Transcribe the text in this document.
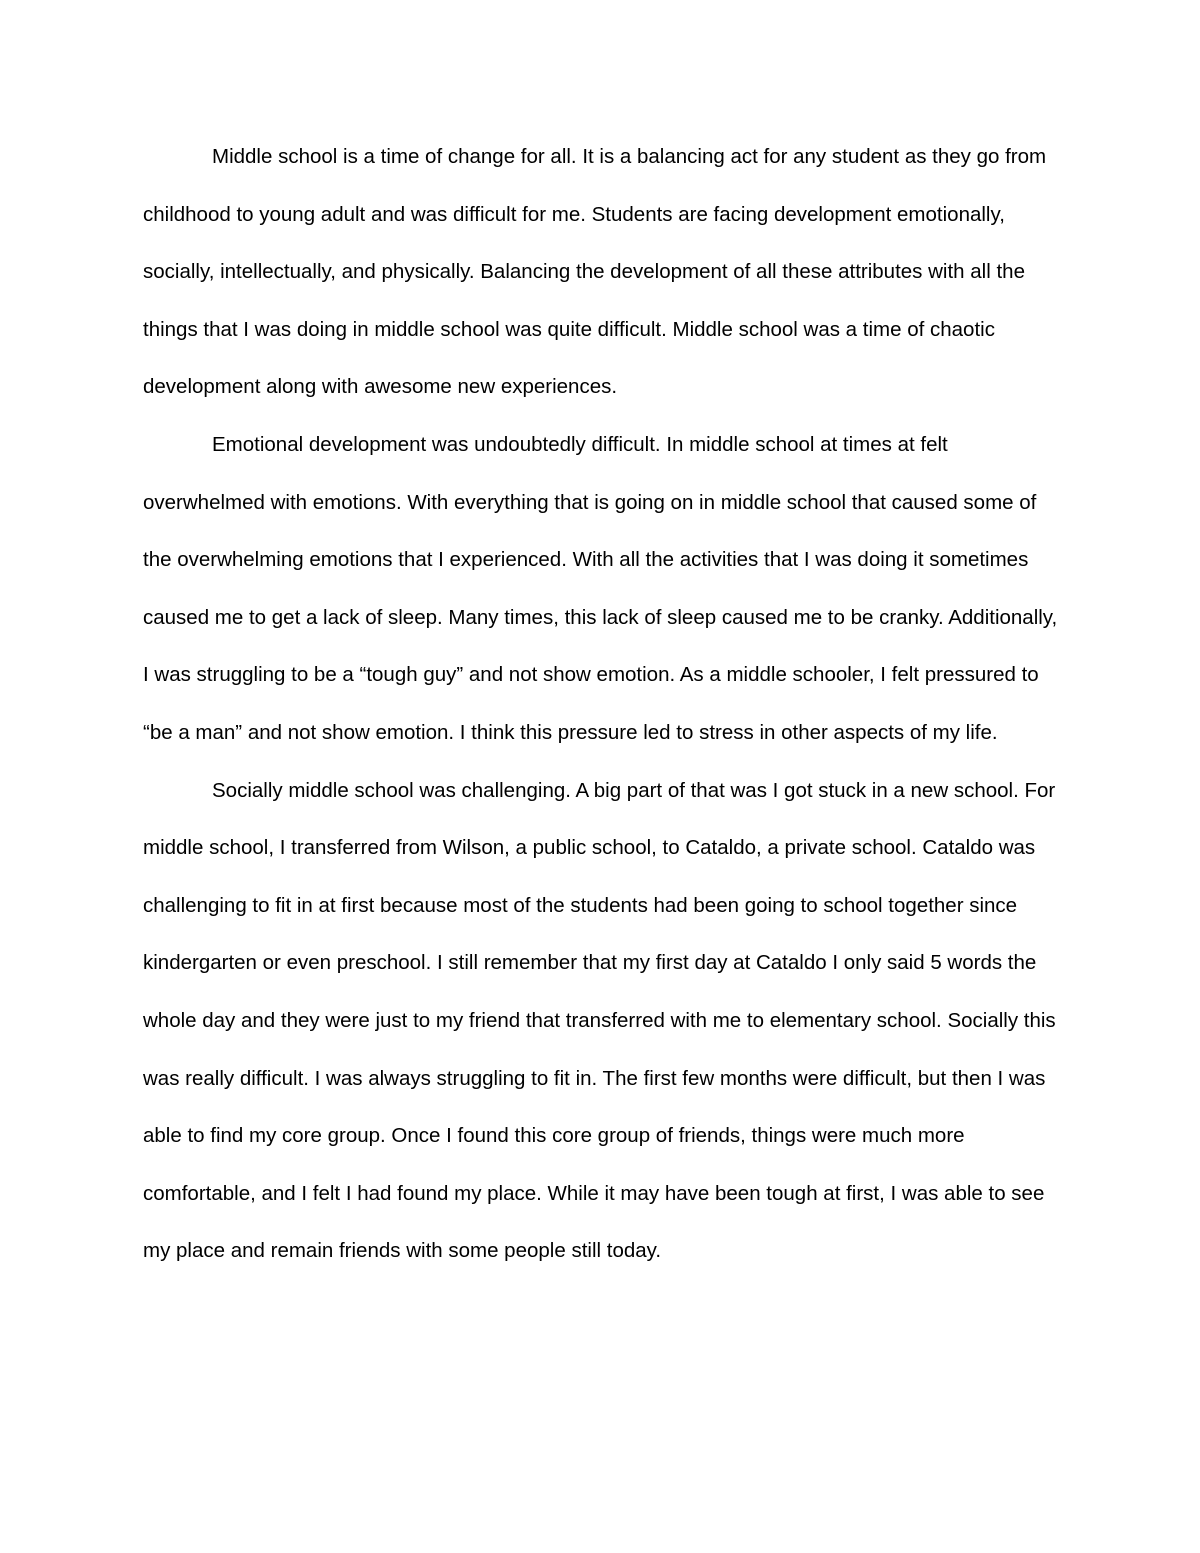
Middle school is a time of change for all. It is a balancing act for any student as they go from childhood to young adult and was difficult for me. Students are facing development emotionally, socially, intellectually, and physically. Balancing the development of all these attributes with all the things that I was doing in middle school was quite difficult. Middle school was a time of chaotic development along with awesome new experiences.

Emotional development was undoubtedly difficult. In middle school at times at felt overwhelmed with emotions. With everything that is going on in middle school that caused some of the overwhelming emotions that I experienced. With all the activities that I was doing it sometimes caused me to get a lack of sleep. Many times, this lack of sleep caused me to be cranky. Additionally, I was struggling to be a “tough guy” and not show emotion. As a middle schooler, I felt pressured to “be a man” and not show emotion. I think this pressure led to stress in other aspects of my life.

Socially middle school was challenging. A big part of that was I got stuck in a new school. For middle school, I transferred from Wilson, a public school, to Cataldo, a private school. Cataldo was challenging to fit in at first because most of the students had been going to school together since kindergarten or even preschool. I still remember that my first day at Cataldo I only said 5 words the whole day and they were just to my friend that transferred with me to elementary school. Socially this was really difficult. I was always struggling to fit in. The first few months were difficult, but then I was able to find my core group. Once I found this core group of friends, things were much more comfortable, and I felt I had found my place. While it may have been tough at first, I was able to see my place and remain friends with some people still today.
